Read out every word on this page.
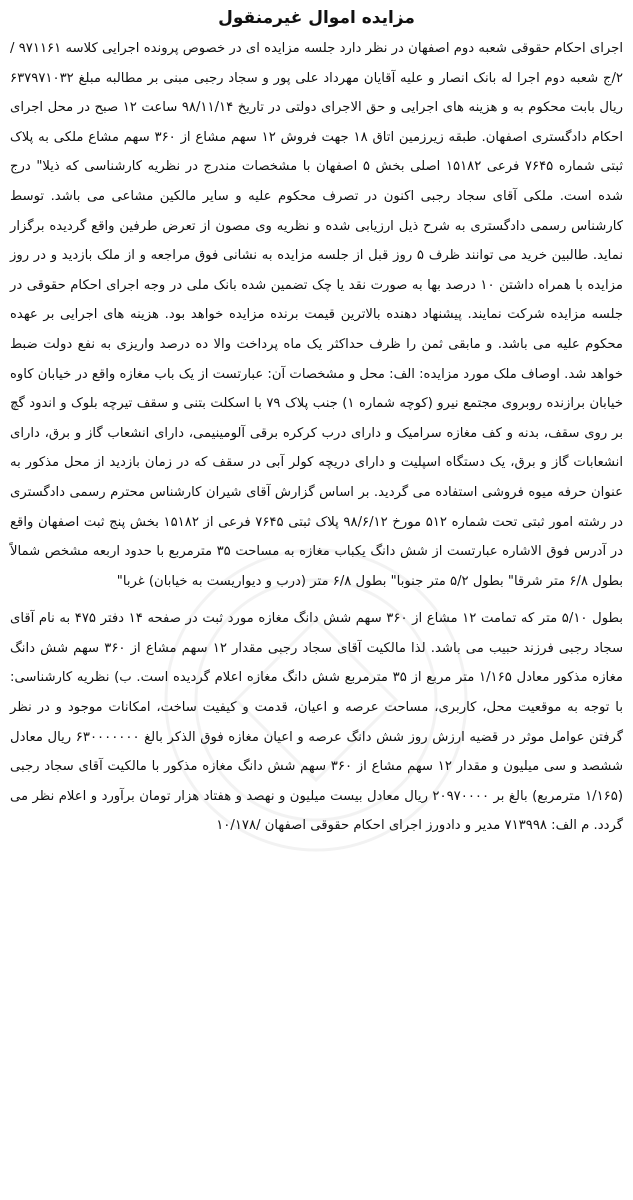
مزایده اموال غیرمنقول

اجرای احکام حقوقی شعبه دوم اصفهان در نظر دارد جلسه مزایده ای در خصوص پرونده اجرایی کلاسه ۹۷۱۱۶۱ / ۲/ج شعبه دوم اجرا له بانک انصار و علیه آقایان مهرداد علی پور و سجاد رجبی مبنی بر مطالبه مبلغ ۶۳۷۹۷۱۰۳۲ ریال بابت محکوم به و هزینه های اجرایی و حق الاجرای دولتی در تاریخ ۹۸/۱۱/۱۴ ساعت ۱۲ صبح در محل اجرای احکام دادگستری اصفهان. طبقه زیرزمین اتاق ۱۸ جهت فروش ۱۲ سهم مشاع از ۳۶۰ سهم مشاع ملکی به پلاک ثبتی شماره ۷۶۴۵ فرعی ۱۵۱۸۲ اصلی بخش ۵ اصفهان با مشخصات مندرج در نظریه کارشناسی که ذیلا" درج شده است. ملکی آقای سجاد رجبی اکنون در تصرف محکوم علیه و سایر مالکین مشاعی می باشد. توسط کارشناس رسمی دادگستری به شرح ذیل ارزیابی شده و نظریه وی مصون از تعرض طرفین واقع گردیده برگزار نماید. طالبین خرید می توانند ظرف ۵ روز قبل از جلسه مزایده به نشانی فوق مراجعه و از ملک بازدید و در روز مزایده با همراه داشتن ۱۰ درصد بها به صورت نقد یا چک تضمین شده بانک ملی در وجه اجرای احکام حقوقی در جلسه مزایده شرکت نمایند. پیشنهاد دهنده بالاترین قیمت برنده مزایده خواهد بود. هزینه های اجرایی بر عهده محکوم علیه می باشد. و مابقی ثمن را ظرف حداکثر یک ماه پرداخت والا ده درصد واریزی به نفع دولت ضبط خواهد شد. اوصاف ملک مورد مزایده: الف: محل و مشخصات آن: عبارتست از یک باب مغازه واقع در خیابان کاوه خیابان برازنده روبروی مجتمع نیرو (کوچه شماره ۱) جنب پلاک ۷۹ با اسکلت بتنی و سقف تیرچه بلوک و اندود گچ بر روی سقف، بدنه و کف مغازه سرامیک و دارای درب کرکره برقی آلومینیمی، دارای انشعاب گاز و برق، دارای انشعابات گاز و برق، یک دستگاه اسپلیت و دارای دریچه کولر آبی در سقف که در زمان بازدید از محل مذکور به عنوان حرفه میوه فروشی استفاده می گردید. بر اساس گزارش آقای شیران کارشناس محترم رسمی دادگستری در رشته امور ثبتی تحت شماره ۵۱۲ مورخ ۹۸/۶/۱۲ پلاک ثبتی ۷۶۴۵ فرعی از ۱۵۱۸۲ بخش پنج ثبت اصفهان واقع در آدرس فوق الاشاره عبارتست از شش دانگ یکباب مغازه به مساحت ۳۵ مترمربع با حدود اربعه مشخص شمالاً بطول ۶/۸ متر شرقا" بطول ۵/۲ متر جنوبا" بطول ۶/۸ متر (درب و دیواریست به خیابان) غربا"

بطول ۵/۱۰ متر که تمامت ۱۲ مشاع از ۳۶۰ سهم شش دانگ مغازه مورد ثبت در صفحه ۱۴ دفتر ۴۷۵ به نام آقای سجاد رجبی فرزند حبیب می باشد. لذا مالکیت آقای سجاد رجبی مقدار ۱۲ سهم مشاع از ۳۶۰ سهم شش دانگ مغازه مذکور معادل ۱/۱۶۵ متر مربع از ۳۵ مترمربع شش دانگ مغازه اعلام گردیده است. ب) نظریه کارشناسی: با توجه به موقعیت محل، کاربری، مساحت عرصه و اعیان، قدمت و کیفیت ساخت، امکانات موجود و در نظر گرفتن عوامل موثر در قضیه ارزش روز شش دانگ عرصه و اعیان مغازه فوق الذکر بالغ ۶۳۰۰۰۰۰۰۰ ریال معادل ششصد و سی میلیون و مقدار ۱۲ سهم مشاع از ۳۶۰ سهم شش دانگ مغازه مذکور با مالکیت آقای سجاد رجبی (۱/۱۶۵ مترمربع) بالغ بر ۲۰۹۷۰۰۰۰ ریال معادل بیست میلیون و نهصد و هفتاد هزار تومان برآورد و اعلام نظر می گردد. م الف: ۷۱۳۹۹۸ مدیر و دادورز اجرای احکام حقوقی اصفهان /۱۰/۱۷۸
